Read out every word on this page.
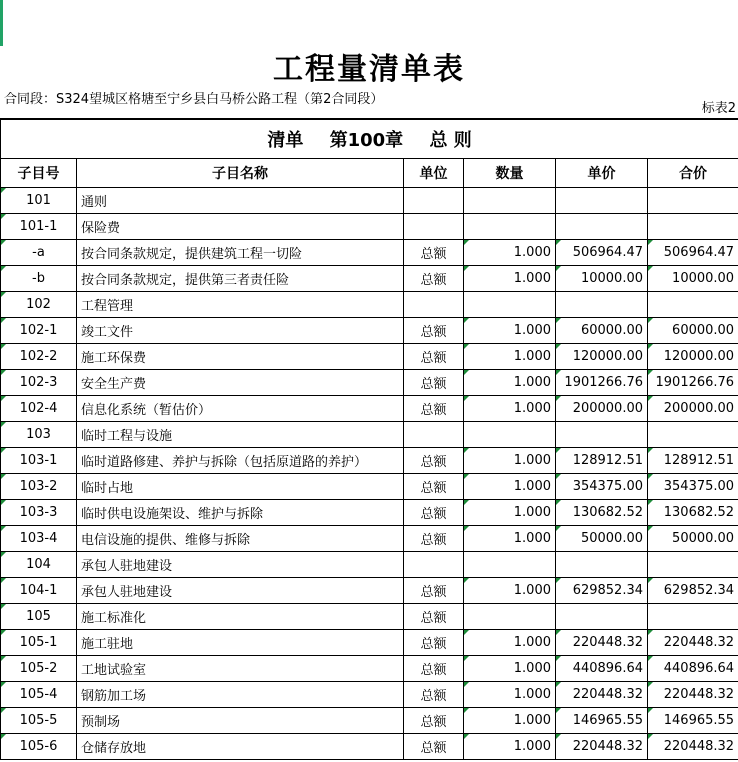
工程量清单表
合同段：S324望城区格塘至宁乡县白马桥公路工程（第2合同段）
标表2
清单 第100章 总 则					
子目号	子目名称	单位	数量	单价	合价
101	通则				
101-1	保险费				
-a	按合同条款规定，提供建筑工程一切险	总额	1.000	506964.47	506964.47
-b	按合同条款规定，提供第三者责任险	总额	1.000	10000.00	10000.00
102	工程管理				
102-1	竣工文件	总额	1.000	60000.00	60000.00
102-2	施工环保费	总额	1.000	120000.00	120000.00
102-3	安全生产费	总额	1.000	1901266.76	1901266.76
102-4	信息化系统（暂估价）	总额	1.000	200000.00	200000.00
103	临时工程与设施				
103-1	临时道路修建、养护与拆除（包括原道路的养护）	总额	1.000	128912.51	128912.51
103-2	临时占地	总额	1.000	354375.00	354375.00
103-3	临时供电设施架设、维护与拆除	总额	1.000	130682.52	130682.52
103-4	电信设施的提供、维修与拆除	总额	1.000	50000.00	50000.00
104	承包人驻地建设				
104-1	承包人驻地建设	总额	1.000	629852.34	629852.34
105	施工标准化	总额			
105-1	施工驻地	总额	1.000	220448.32	220448.32
105-2	工地试验室	总额	1.000	440896.64	440896.64
105-4	钢筋加工场	总额	1.000	220448.32	220448.32
105-5	预制场	总额	1.000	146965.55	146965.55
105-6	仓储存放地	总额	1.000	220448.32	220448.32
